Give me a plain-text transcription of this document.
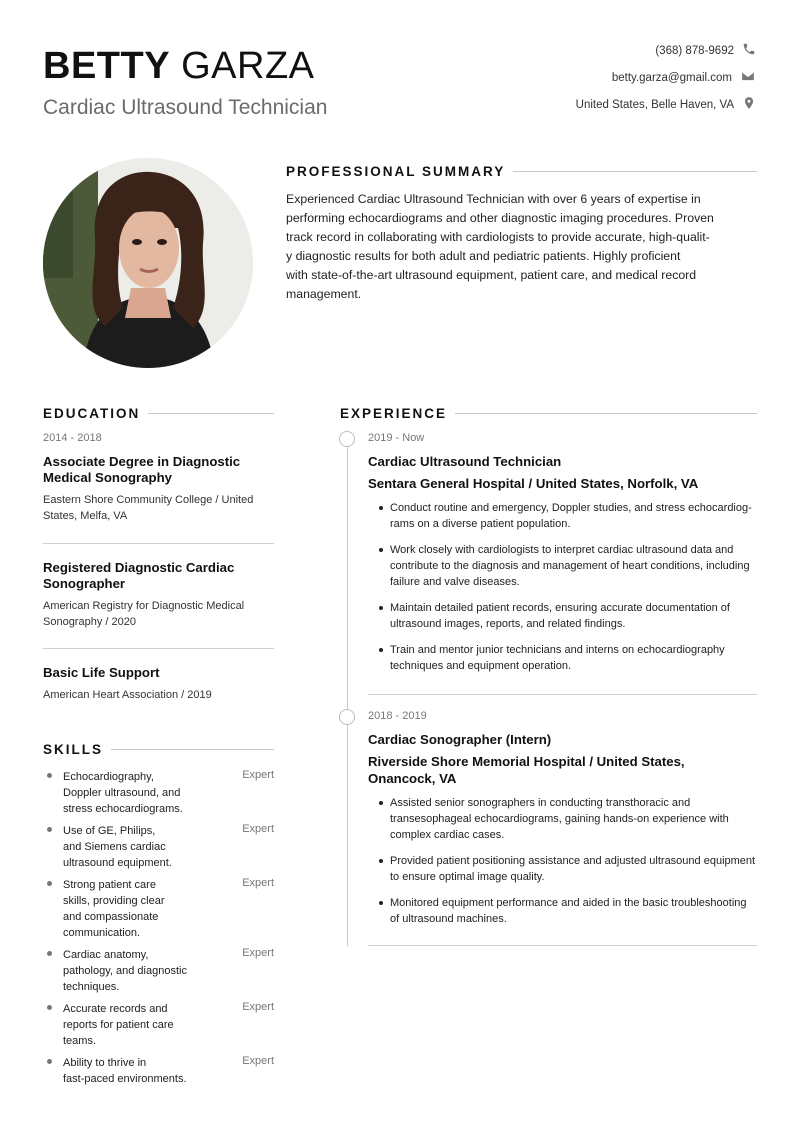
BETTY GARZA
Cardiac Ultrasound Technician
(368) 878-9692
betty.garza@gmail.com
United States, Belle Haven, VA
PROFESSIONAL SUMMARY
Experienced Cardiac Ultrasound Technician with over 6 years of expertise in
performing echocardiograms and other diagnostic imaging procedures. Proven
track record in collaborating with cardiologists to provide accurate, high-qualit-
y diagnostic results for both adult and pediatric patients. Highly proficient
with state-of-the-art ultrasound equipment, patient care, and medical record
management.
EDUCATION
2014 - 2018
Associate Degree in Diagnostic
Medical Sonography
Eastern Shore Community College / United
States, Melfa, VA
Registered Diagnostic Cardiac
Sonographer
American Registry for Diagnostic Medical
Sonography / 2020
Basic Life Support
American Heart Association / 2019
SKILLS
Echocardiography,
Doppler ultrasound, and
stress echocardiograms.
Expert
Use of GE, Philips,
and Siemens cardiac
ultrasound equipment.
Expert
Strong patient care
skills, providing clear
and compassionate
communication.
Expert
Cardiac anatomy,
pathology, and diagnostic
techniques.
Expert
Accurate records and
reports for patient care
teams.
Expert
Ability to thrive in
fast-paced environments.
Expert
EXPERIENCE
2019 - Now
Cardiac Ultrasound Technician
Sentara General Hospital / United States, Norfolk, VA
Conduct routine and emergency, Doppler studies, and stress echocardiog-
rams on a diverse patient population.
Work closely with cardiologists to interpret cardiac ultrasound data and
contribute to the diagnosis and management of heart conditions, including
failure and valve diseases.
Maintain detailed patient records, ensuring accurate documentation of
ultrasound images, reports, and related findings.
Train and mentor junior technicians and interns on echocardiography
techniques and equipment operation.
2018 - 2019
Cardiac Sonographer (Intern)
Riverside Shore Memorial Hospital / United States,
Onancock, VA
Assisted senior sonographers in conducting transthoracic and
transesophageal echocardiograms, gaining hands-on experience with
complex cardiac cases.
Provided patient positioning assistance and adjusted ultrasound equipment
to ensure optimal image quality.
Monitored equipment performance and aided in the basic troubleshooting
of ultrasound machines.
